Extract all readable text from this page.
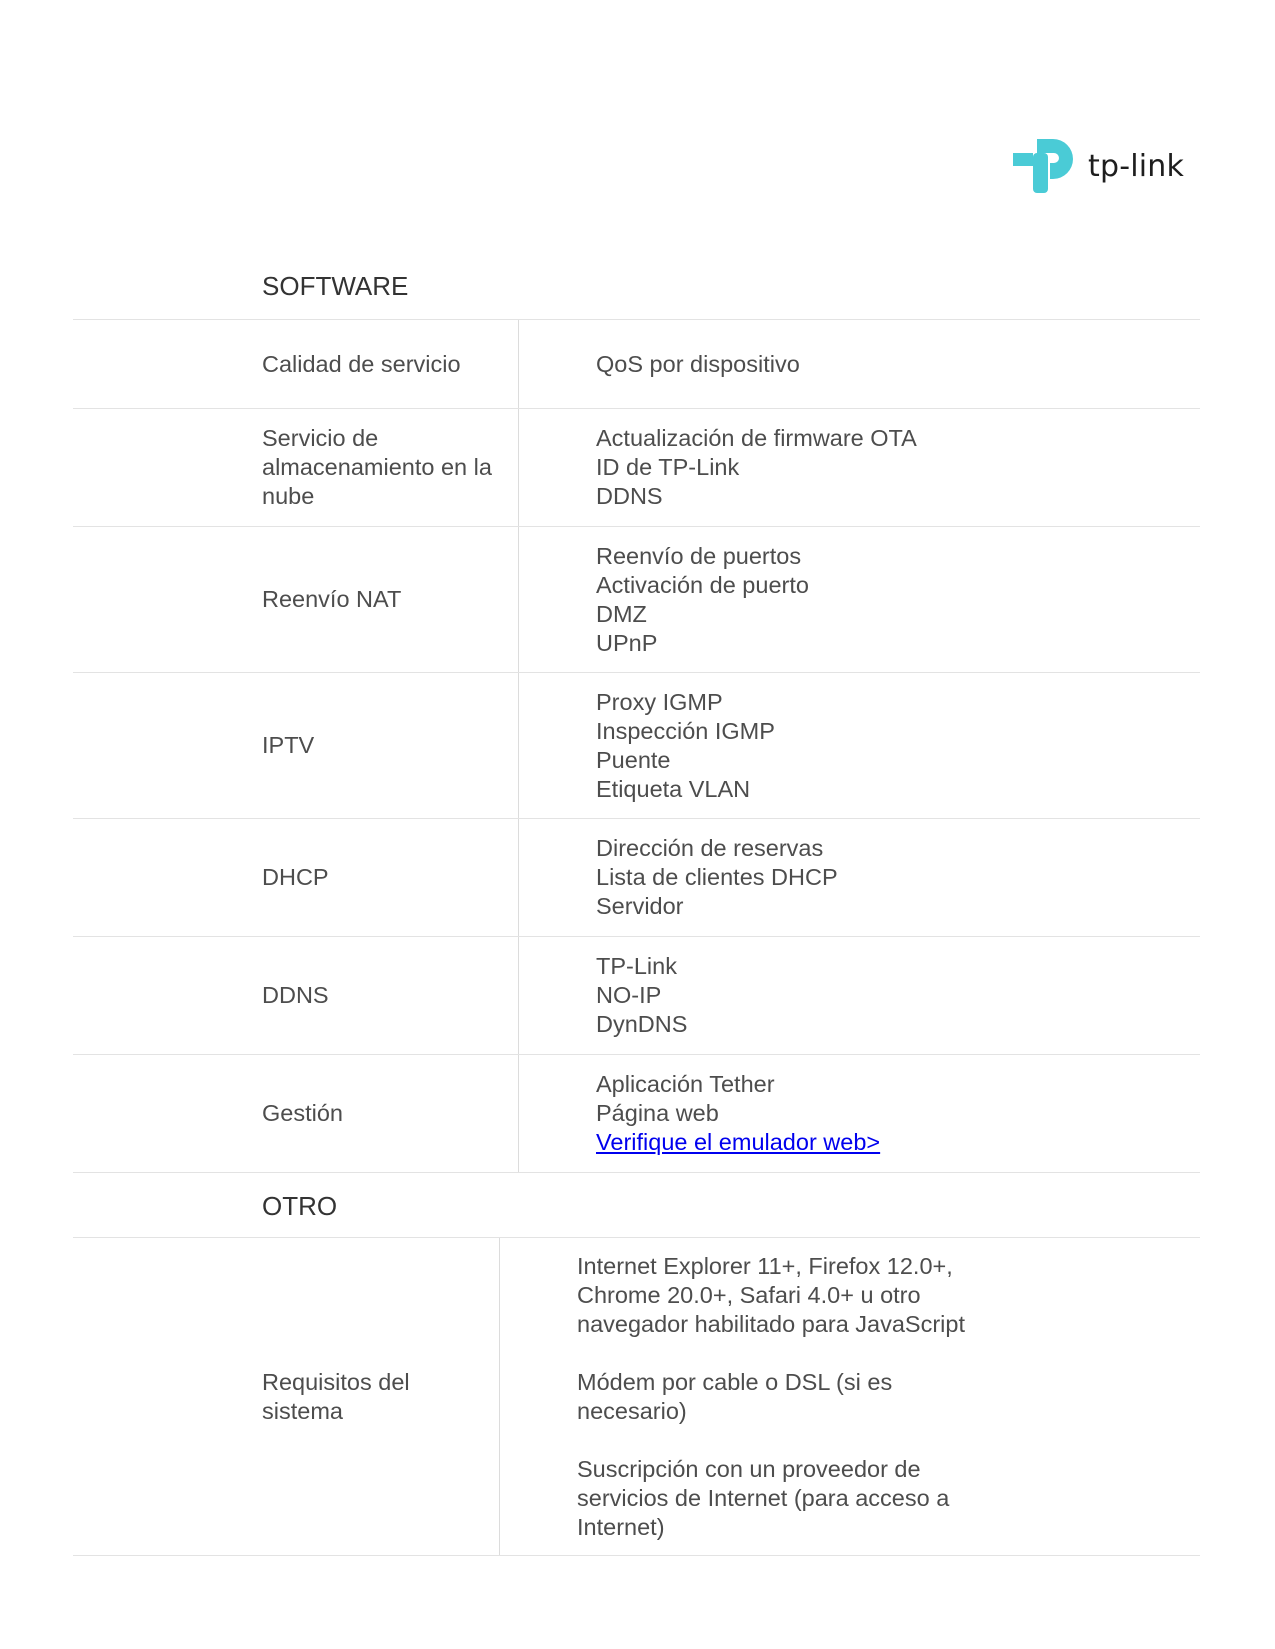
tp-link
SOFTWARE
Calidad de servicio	QoS por dispositivo
Servicio de almacenamiento en la nube
Actualización de firmware OTA
ID de TP-Link
DDNS
Reenvío NAT
Reenvío de puertos
Activación de puerto
DMZ
UPnP
IPTV
Proxy IGMP
Inspección IGMP
Puente
Etiqueta VLAN
DHCP
Dirección de reservas
Lista de clientes DHCP
Servidor
DDNS
TP-Link
NO-IP
DynDNS
Gestión
Aplicación Tether
Página web
Verifique el emulador web>
OTRO
Requisitos del sistema

Internet Explorer 11+, Firefox 12.0+, Chrome 20.0+, Safari 4.0+ u otro navegador habilitado para JavaScript

Módem por cable o DSL (si es necesario)

Suscripción con un proveedor de servicios de Internet (para acceso a Internet)
